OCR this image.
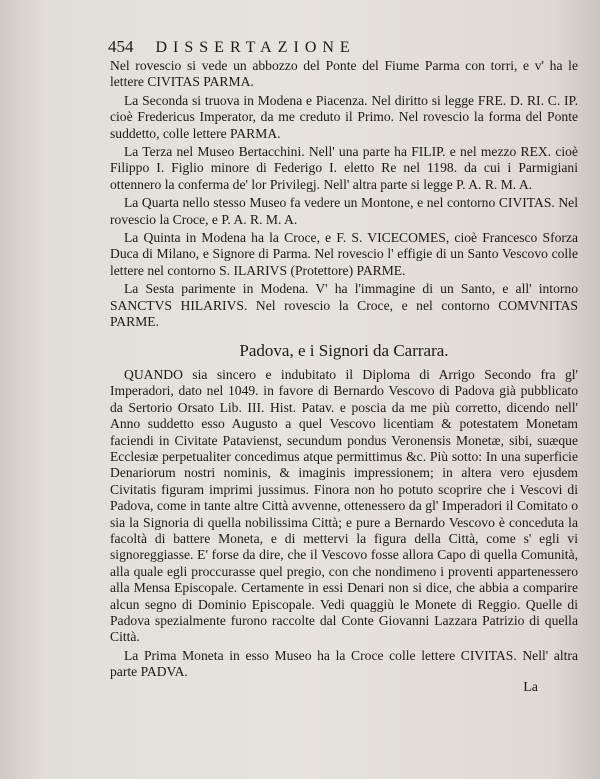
454 DISSERTAZIONE

Nel rovescio si vede un abbozzo del Ponte del Fiume Parma con torri, e v' ha le lettere CIVITAS PARMA.

La Seconda si truova in Modena e Piacenza. Nel diritto si legge FRE. D. RI. C. IP. cioè Fredericus Imperator, da me creduto il Primo. Nel rovescio la forma del Ponte suddetto, colle lettere PARMA.

La Terza nel Museo Bertacchini. Nell' una parte ha FILIP. e nel mezzo REX. cioè Filippo I. Figlio minore di Federigo I. eletto Re nel 1198. da cui i Parmigiani ottennero la conferma de' lor Privilegj. Nell' altra parte si legge P. A. R. M. A.

La Quarta nello stesso Museo fa vedere un Montone, e nel contorno CIVITAS. Nel rovescio la Croce, e P. A. R. M. A.

La Quinta in Modena ha la Croce, e F. S. VICECOMES, cioè Francesco Sforza Duca di Milano, e Signore di Parma. Nel rovescio l' effigie di un Santo Vescovo colle lettere nel contorno S. ILARIVS (Protettore) PARME.

La Sesta parimente in Modena. V' ha l'immagine di un Santo, e all' intorno SANCTVS HILARIVS. Nel rovescio la Croce, e nel contorno COMVNITAS PARME.

Padova, e i Signori da Carrara.

QUANDO sia sincero e indubitato il Diploma di Arrigo Secondo fra gl' Imperadori, dato nel 1049. in favore di Bernardo Vescovo di Padova già pubblicato da Sertorio Orsato Lib. III. Hist. Patav. e poscia da me più corretto, dicendo nell' Anno suddetto esso Augusto a quel Vescovo licentiam & potestatem Monetam faciendi in Civitate Patavienst, secundum pondus Veronensis Monetæ, sibi, suæque Ecclesiæ perpetualiter concedimus atque permittimus &c. Più sotto: In una superficie Denariorum nostri nominis, & imaginis impressionem; in altera vero ejusdem Civitatis figuram imprimi jussimus. Finora non ho potuto scoprire che i Vescovi di Padova, come in tante altre Città avvenne, ottenessero da gl' Imperadori il Comitato o sia la Signoria di quella nobilissima Città; e pure a Bernardo Vescovo è conceduta la facoltà di battere Moneta, e di mettervi la figura della Città, come s' egli vi signoreggiasse. E' forse da dire, che il Vescovo fosse allora Capo di quella Comunità, alla quale egli proccurasse quel pregio, con che nondimeno i proventi appartenessero alla Mensa Episcopale. Certamente in essi Denari non si dice, che abbia a comparire alcun segno di Dominio Episcopale. Vedi quaggiù le Monete di Reggio. Quelle di Padova spezialmente furono raccolte dal Conte Giovanni Lazzara Patrizio di quella Città.

La Prima Moneta in esso Museo ha la Croce colle lettere CIVITAS. Nell' altra parte PADVA.

La
